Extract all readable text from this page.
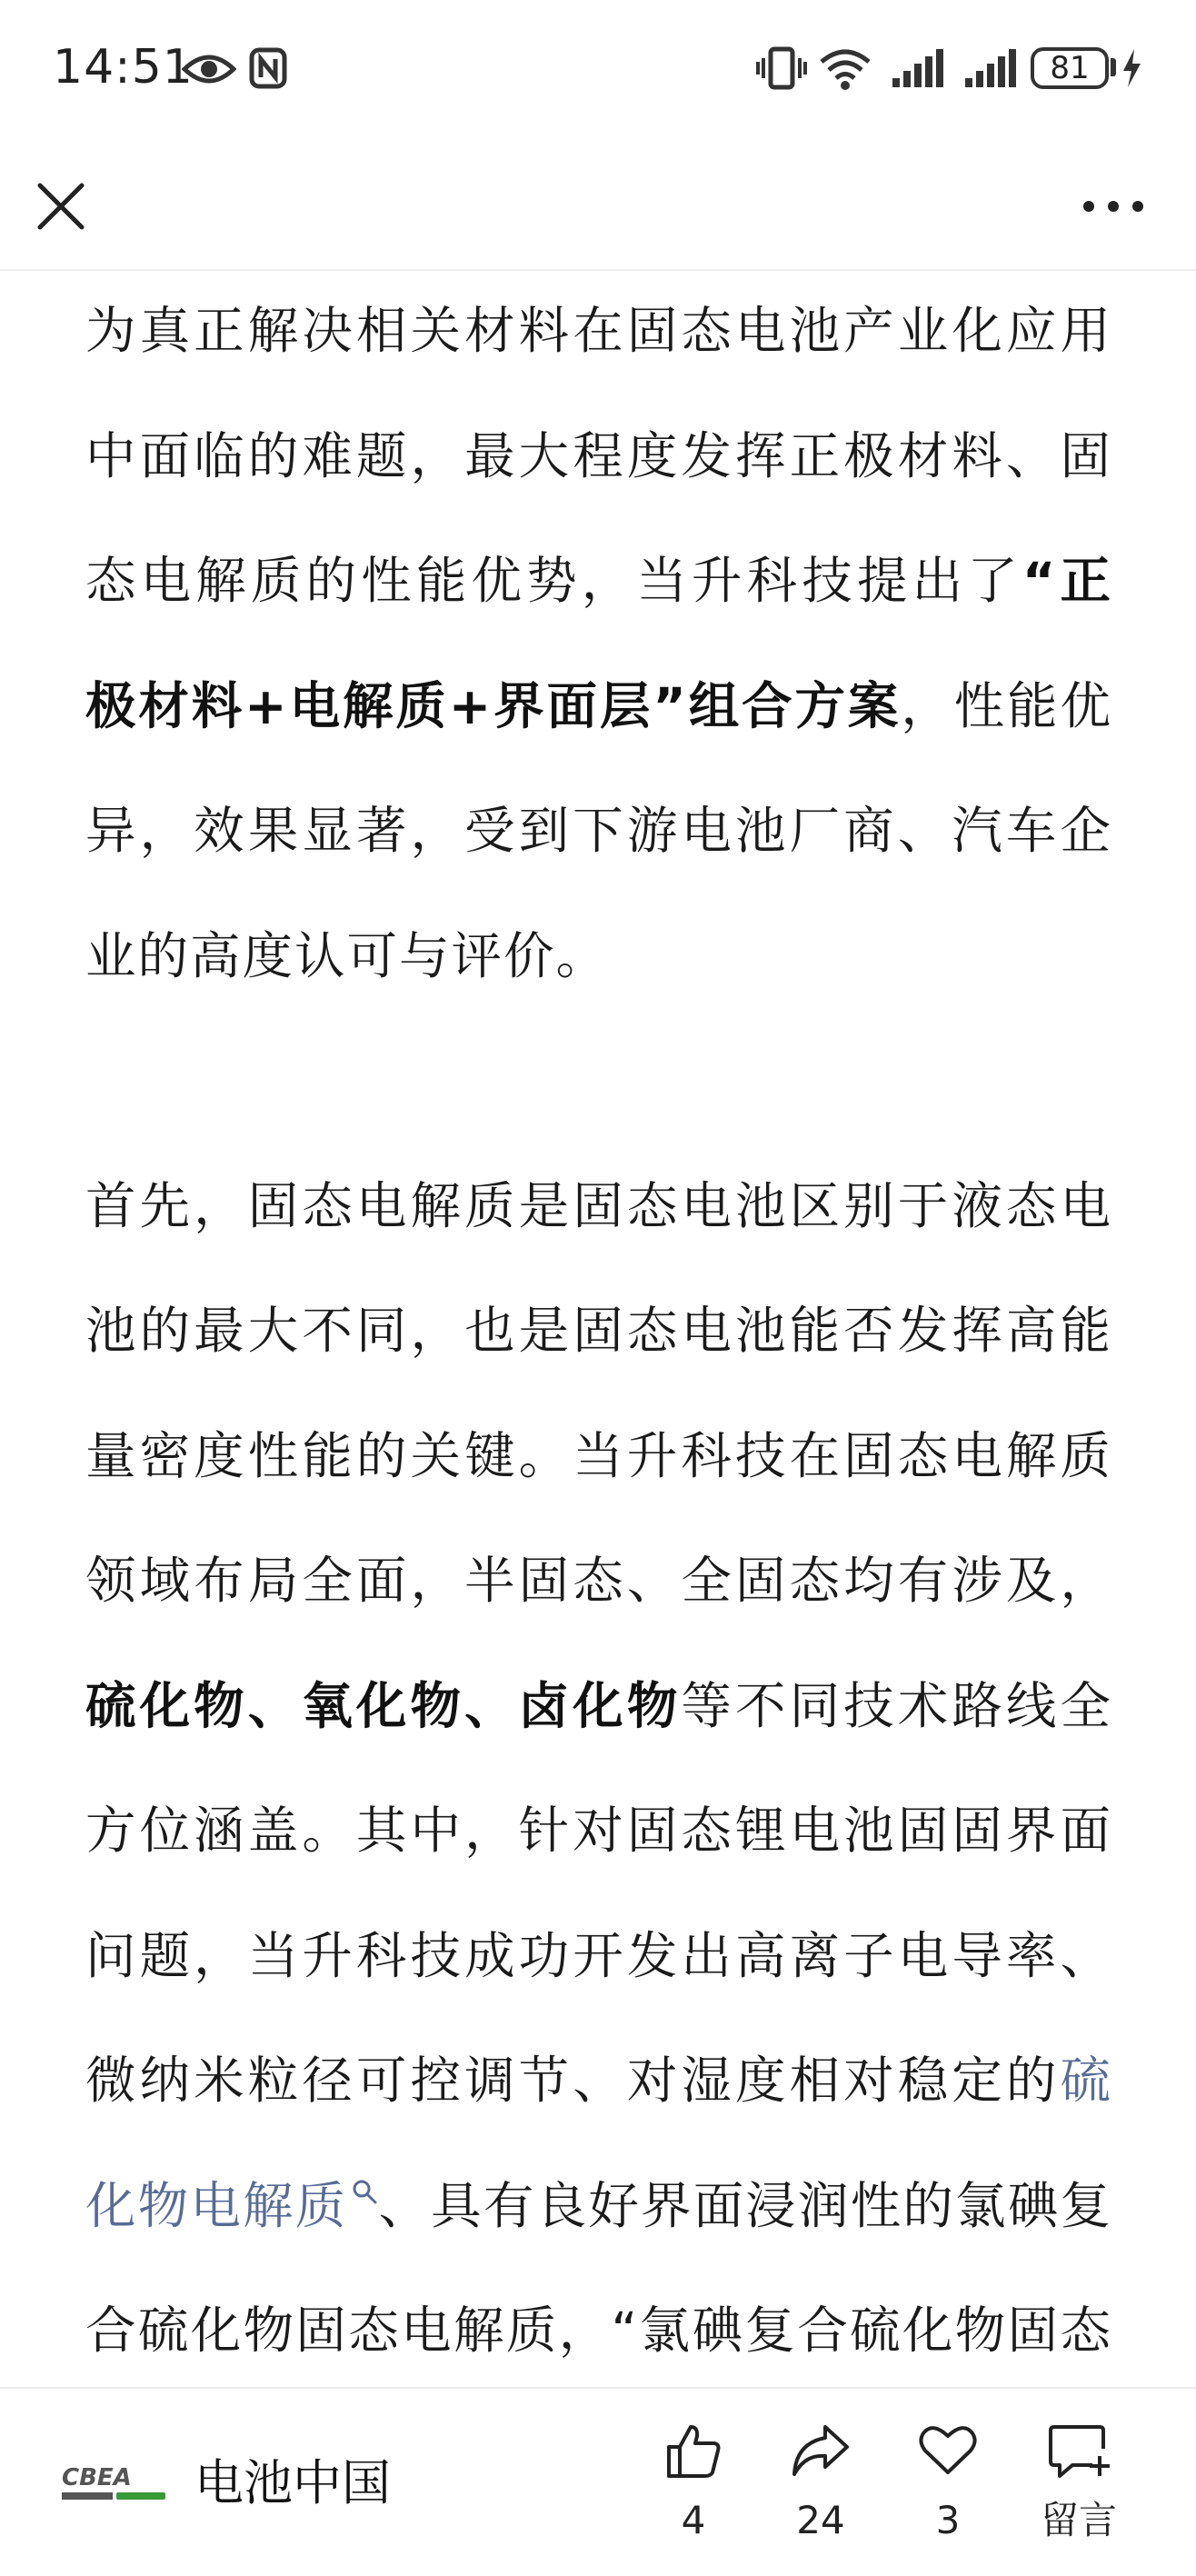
14:51	81

为真正解决相关材料在固态电池产业化应用中面临的难题，最大程度发挥正极材料、固态电解质的性能优势，当升科技提出了“正极材料+电解质+界面层”组合方案，性能优异，效果显著，受到下游电池厂商、汽车企业的高度认可与评价。

首先，固态电解质是固态电池区别于液态电池的最大不同，也是固态电池能否发挥高能量密度性能的关键。当升科技在固态电解质领域布局全面，半固态、全固态均有涉及，硫化物、氧化物、卤化物等不同技术路线全方位涵盖。其中，针对固态锂电池固固界面问题，当升科技成功开发出高离子电导率、微纳米粒径可控调节、对湿度相对稳定的硫化物电解质 、具有良好界面浸润性的氯碘复合硫化物固态电解质，“氯碘复合硫化物固态

CBEA 电池中国
4	24	3	留言
